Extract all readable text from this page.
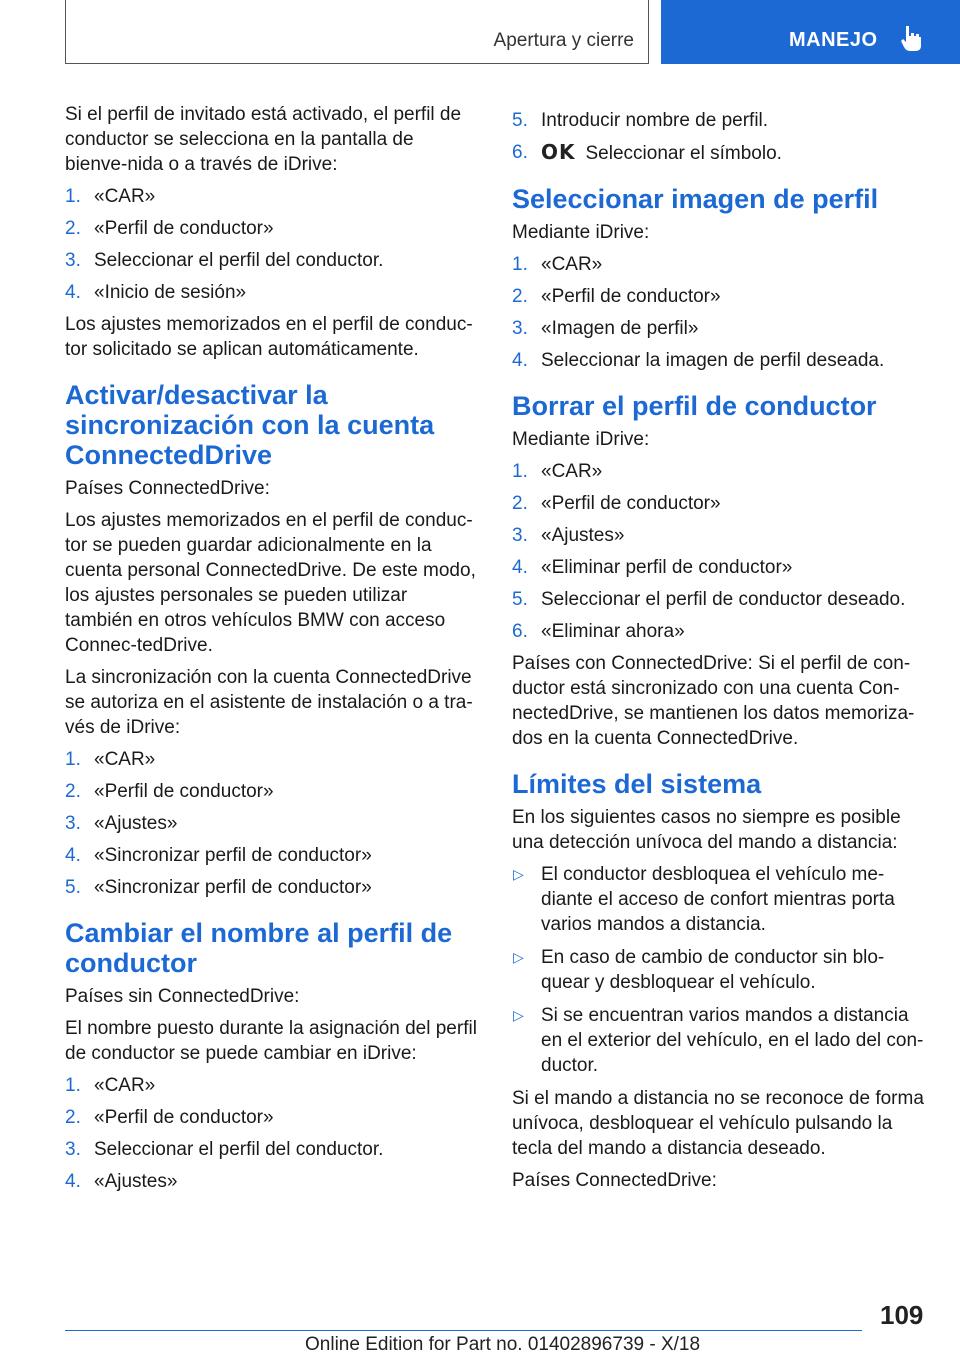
Apertura y cierre	MANEJO

Si el perfil de invitado está activado, el perfil de conductor se selecciona en la pantalla de bienve-nida o a través de iDrive:

1. «CAR»
2. «Perfil de conductor»
3. Seleccionar el perfil del conductor.
4. «Inicio de sesión»

Los ajustes memorizados en el perfil de conduc-tor solicitado se aplican automáticamente.

Activar/desactivar la sincronización con la cuenta ConnectedDrive

Países ConnectedDrive:

Los ajustes memorizados en el perfil de conduc-tor se pueden guardar adicionalmente en la cuenta personal ConnectedDrive. De este modo, los ajustes personales se pueden utilizar también en otros vehículos BMW con acceso Connec-tedDrive.

La sincronización con la cuenta ConnectedDrive se autoriza en el asistente de instalación o a tra-vés de iDrive:

1. «CAR»
2. «Perfil de conductor»
3. «Ajustes»
4. «Sincronizar perfil de conductor»
5. «Sincronizar perfil de conductor»
Cambiar el nombre al perfil de conductor

Países sin ConnectedDrive:

El nombre puesto durante la asignación del perfil de conductor se puede cambiar en iDrive:

1. «CAR»
2. «Perfil de conductor»
3. Seleccionar el perfil del conductor.
4. «Ajustes»
5. Introducir nombre de perfil.
6. OK Seleccionar el símbolo.
Seleccionar imagen de perfil

Mediante iDrive:

1. «CAR»
2. «Perfil de conductor»
3. «Imagen de perfil»
4. Seleccionar la imagen de perfil deseada.
Borrar el perfil de conductor

Mediante iDrive:

1. «CAR»
2. «Perfil de conductor»
3. «Ajustes»
4. «Eliminar perfil de conductor»
5. Seleccionar el perfil de conductor deseado.
6. «Eliminar ahora»

Países con ConnectedDrive: Si el perfil de con-ductor está sincronizado con una cuenta Con-nectedDrive, se mantienen los datos memoriza-dos en la cuenta ConnectedDrive.

Límites del sistema

En los siguientes casos no siempre es posible una detección unívoca del mando a distancia:

▷ El conductor desbloquea el vehículo me-diante el acceso de confort mientras porta varios mandos a distancia.
▷ En caso de cambio de conductor sin blo-quear y desbloquear el vehículo.
▷ Si se encuentran varios mandos a distancia en el exterior del vehículo, en el lado del con-ductor.

Si el mando a distancia no se reconoce de forma unívoca, desbloquear el vehículo pulsando la tecla del mando a distancia deseado.

Países ConnectedDrive:

109
Online Edition for Part no. 01402896739 - X/18
